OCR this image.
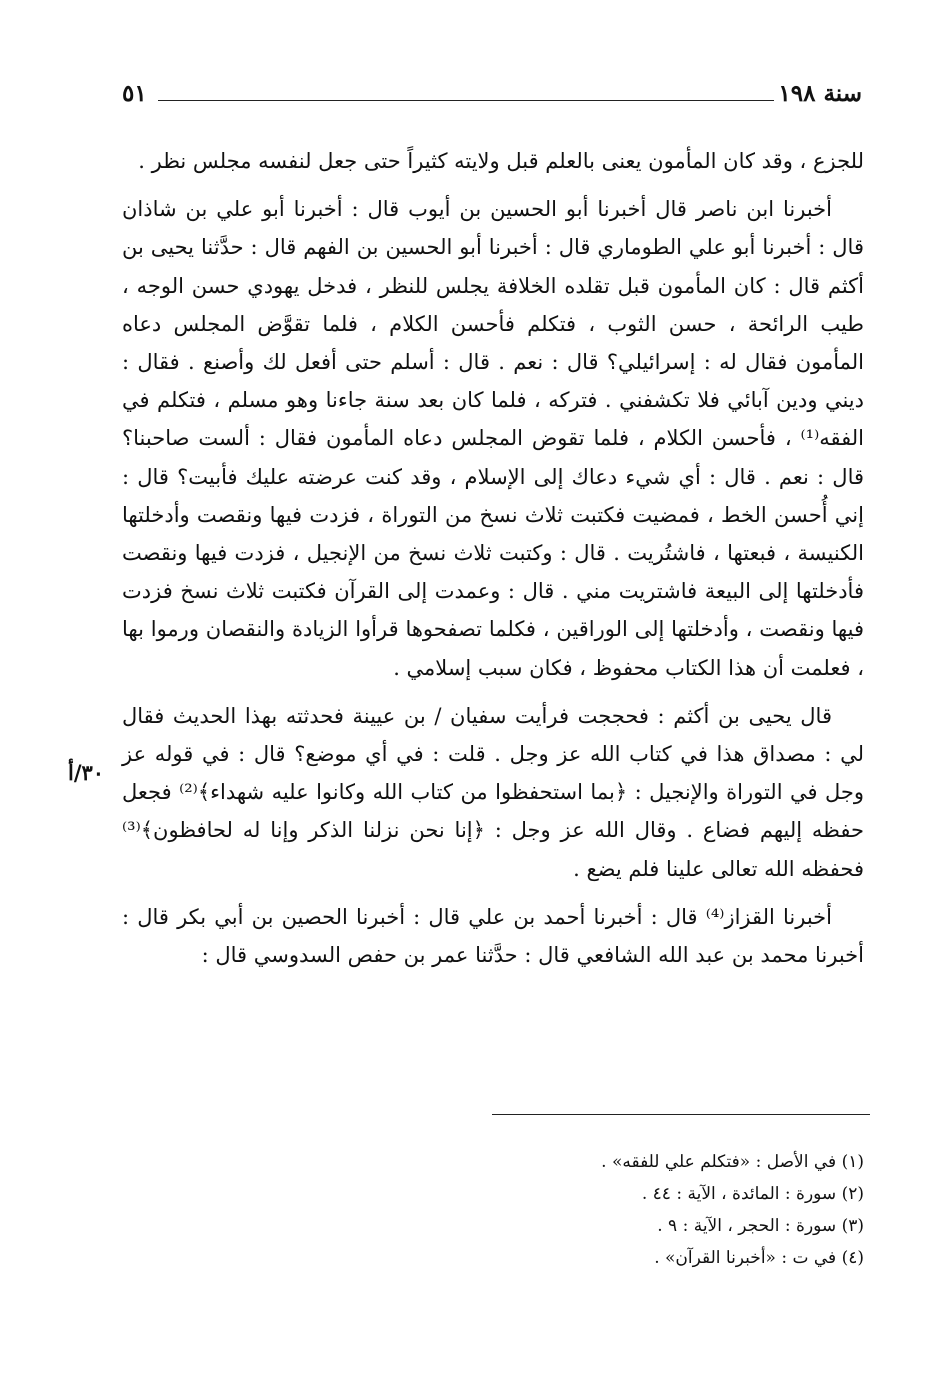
سنة ١٩٨
٥١

للجزع ، وقد كان المأمون يعنى بالعلم قبل ولايته كثيراً حتى جعل لنفسه مجلس نظر .

أخبرنا ابن ناصر قال أخبرنا أبو الحسين بن أيوب قال : أخبرنا أبو علي بن شاذان قال : أخبرنا أبو علي الطوماري قال : أخبرنا أبو الحسين بن الفهم قال : حدَّثنا يحيى بن أكثم قال : كان المأمون قبل تقلده الخلافة يجلس للنظر ، فدخل يهودي حسن الوجه ، طيب الرائحة ، حسن الثوب ، فتكلم فأحسن الكلام ، فلما تقوَّض المجلس دعاه المأمون فقال له : إسرائيلي؟ قال : نعم . قال : أسلم حتى أفعل لك وأصنع . فقال : ديني ودين آبائي فلا تكشفني . فتركه ، فلما كان بعد سنة جاءنا وهو مسلم ، فتكلم في الفقه⁽¹⁾ ، فأحسن الكلام ، فلما تقوض المجلس دعاه المأمون فقال : ألست صاحبنا؟ قال : نعم . قال : أي شيء دعاك إلى الإسلام ، وقد كنت عرضته عليك فأبيت؟ قال : إني أُحسن الخط ، فمضيت فكتبت ثلاث نسخ من التوراة ، فزدت فيها ونقصت وأدخلتها الكنيسة ، فبعتها ، فاشتُريت . قال : وكتبت ثلاث نسخ من الإنجيل ، فزدت فيها ونقصت فأدخلتها إلى البيعة فاشتريت مني . قال : وعمدت إلى القرآن فكتبت ثلاث نسخ فزدت فيها ونقصت ، وأدخلتها إلى الوراقين ، فكلما تصفحوها قرأوا الزيادة والنقصان ورموا بها ، فعلمت أن هذا الكتاب محفوظ ، فكان سبب إسلامي .

قال يحيى بن أكثم : فحججت فرأيت سفيان / بن عيينة فحدثته بهذا الحديث فقال لي : مصداق هذا في كتاب الله عز وجل . قلت : في أي موضع؟ قال : في قوله عز وجل في التوراة والإنجيل : ﴿بما استحفظوا من كتاب الله وكانوا عليه شهداء﴾⁽²⁾ فجعل حفظه إليهم فضاع . وقال الله عز وجل : ﴿إنا نحن نزلنا الذكر وإنا له لحافظون﴾⁽³⁾ فحفظه الله تعالى علينا فلم يضع .

أخبرنا القزاز⁽⁴⁾ قال : أخبرنا أحمد بن علي قال : أخبرنا الحصين بن أبي بكر قال : أخبرنا محمد بن عبد الله الشافعي قال : حدَّثنا عمر بن حفص السدوسي قال :

٣٠/أ
(١) في الأصل : «فتكلم علي للفقه» .
(٢) سورة : المائدة ، الآية : ٤٤ .
(٣) سورة : الحجر ، الآية : ٩ .
(٤) في ت : «أخبرنا القرآن» .
